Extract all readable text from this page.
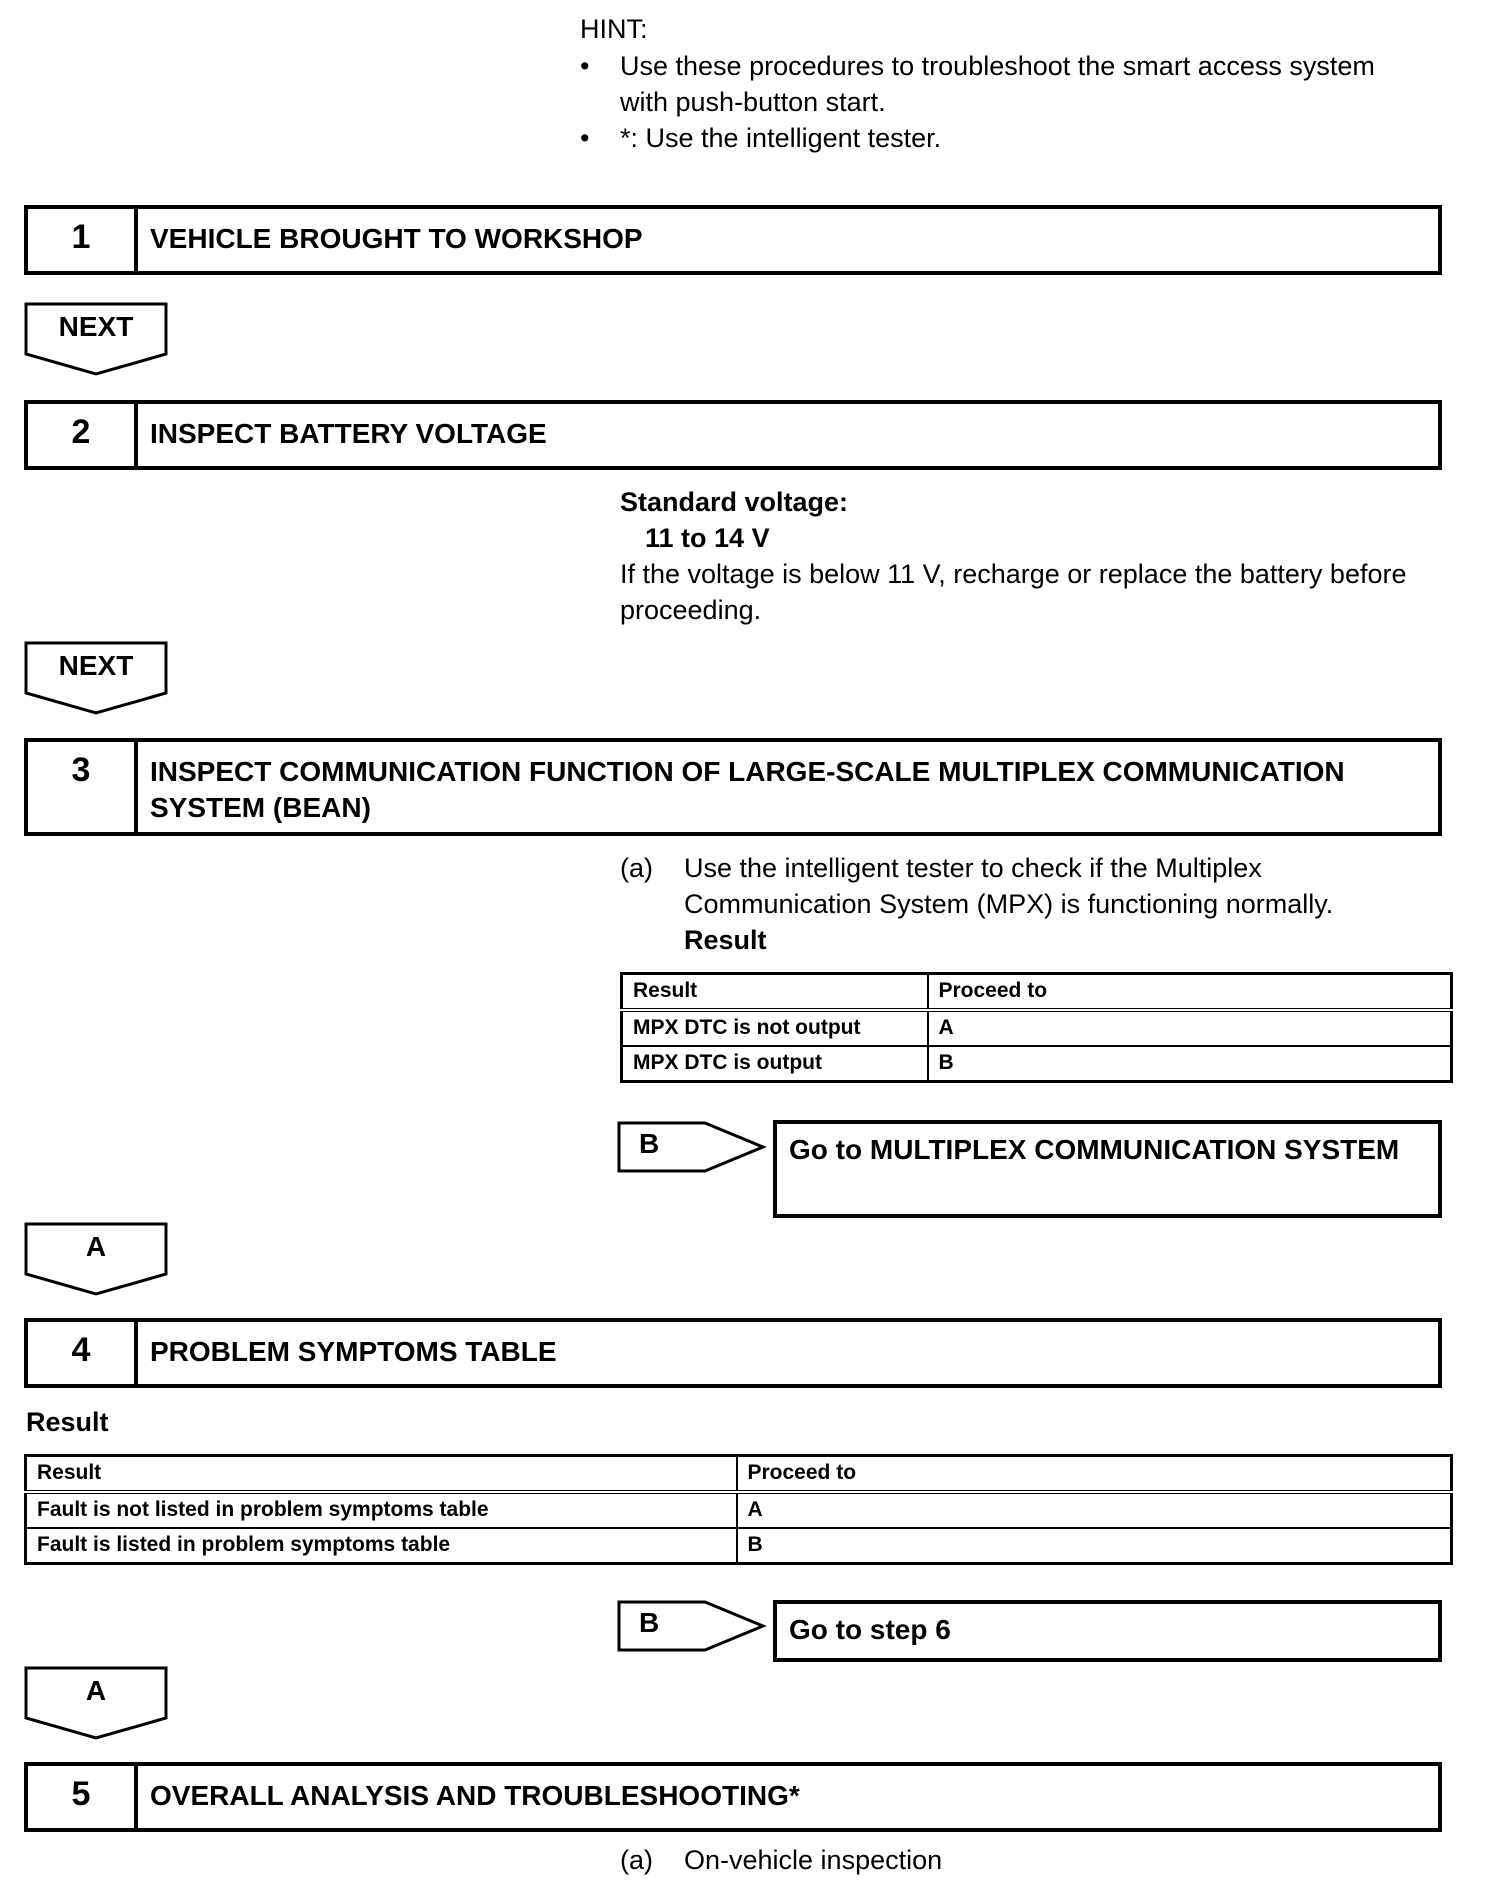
HINT:
• Use these procedures to troubleshoot the smart access system with push-button start.
• *: Use the intelligent tester.
1	VEHICLE BROUGHT TO WORKSHOP
NEXT
2	INSPECT BATTERY VOLTAGE
Standard voltage:
11 to 14 V
If the voltage is below 11 V, recharge or replace the battery before proceeding.
NEXT
3	INSPECT COMMUNICATION FUNCTION OF LARGE-SCALE MULTIPLEX COMMUNICATION SYSTEM (BEAN)
(a) Use the intelligent tester to check if the Multiplex Communication System (MPX) is functioning normally.
Result
Result	Proceed to
MPX DTC is not output	A
MPX DTC is output	B
B	Go to MULTIPLEX COMMUNICATION SYSTEM
A
4	PROBLEM SYMPTOMS TABLE
Result
Result	Proceed to
Fault is not listed in problem symptoms table	A
Fault is listed in problem symptoms table	B
B	Go to step 6
A
5	OVERALL ANALYSIS AND TROUBLESHOOTING*
(a) On-vehicle inspection
